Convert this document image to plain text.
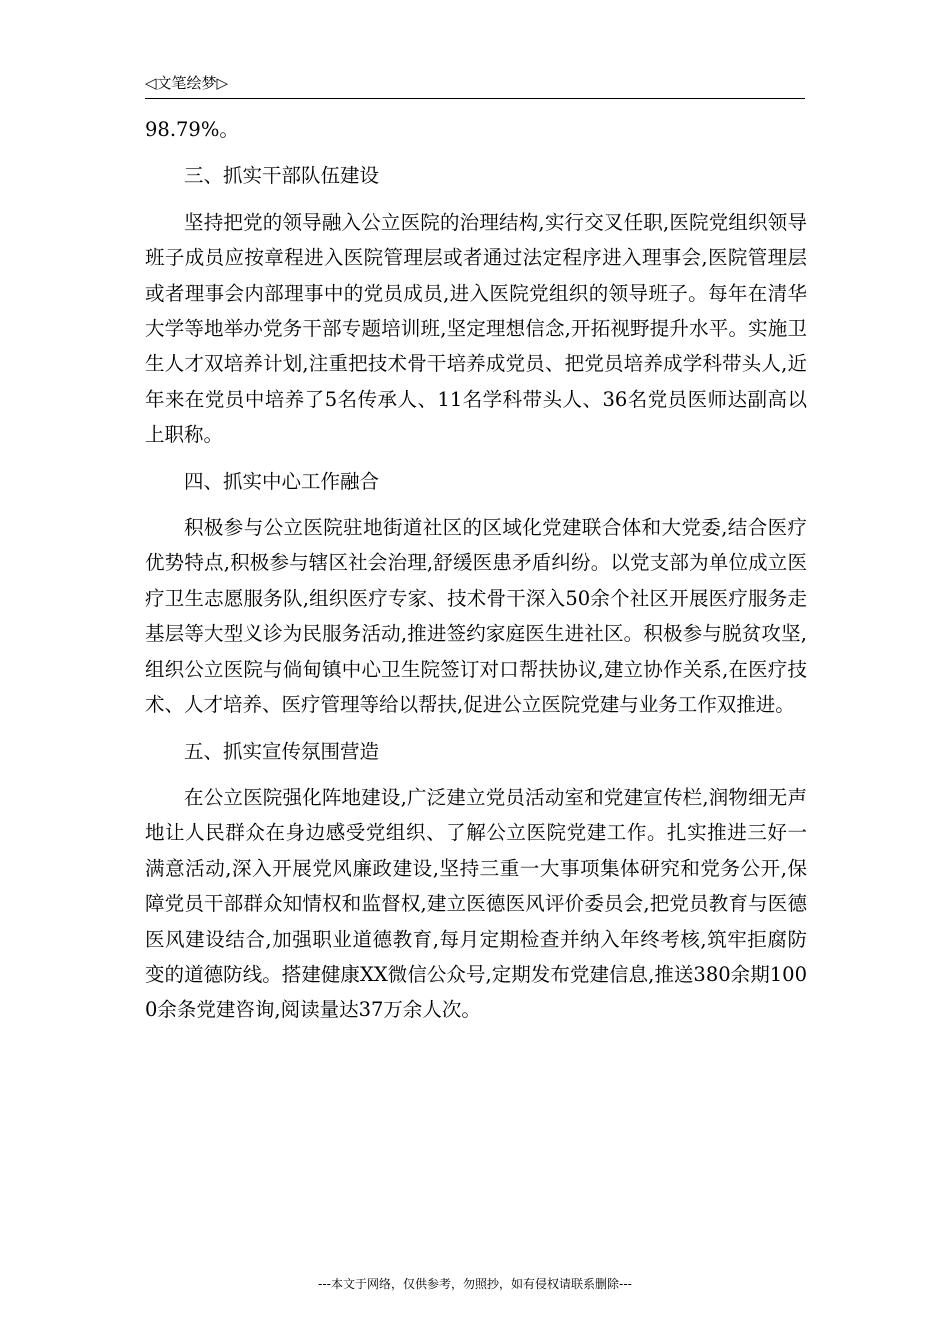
◁文笔绘梦▷

98.79%。

三、抓实干部队伍建设

坚持把党的领导融入公立医院的治理结构,实行交叉任职,医院党组织领导班子成员应按章程进入医院管理层或者通过法定程序进入理事会,医院管理层或者理事会内部理事中的党员成员,进入医院党组织的领导班子。每年在清华大学等地举办党务干部专题培训班,坚定理想信念,开拓视野提升水平。实施卫生人才双培养计划,注重把技术骨干培养成党员、把党员培养成学科带头人,近年来在党员中培养了5名传承人、11名学科带头人、36名党员医师达副高以上职称。

四、抓实中心工作融合

积极参与公立医院驻地街道社区的区域化党建联合体和大党委,结合医疗优势特点,积极参与辖区社会治理,舒缓医患矛盾纠纷。以党支部为单位成立医疗卫生志愿服务队,组织医疗专家、技术骨干深入50余个社区开展医疗服务走基层等大型义诊为民服务活动,推进签约家庭医生进社区。积极参与脱贫攻坚,组织公立医院与倘甸镇中心卫生院签订对口帮扶协议,建立协作关系,在医疗技术、人才培养、医疗管理等给以帮扶,促进公立医院党建与业务工作双推进。

五、抓实宣传氛围营造

在公立医院强化阵地建设,广泛建立党员活动室和党建宣传栏,润物细无声地让人民群众在身边感受党组织、了解公立医院党建工作。扎实推进三好一满意活动,深入开展党风廉政建设,坚持三重一大事项集体研究和党务公开,保障党员干部群众知情权和监督权,建立医德医风评价委员会,把党员教育与医德医风建设结合,加强职业道德教育,每月定期检查并纳入年终考核,筑牢拒腐防变的道德防线。搭建健康XX微信公众号,定期发布党建信息,推送380余期1000余条党建咨询,阅读量达37万余人次。

---本文于网络，仅供参考，勿照抄，如有侵权请联系删除---
